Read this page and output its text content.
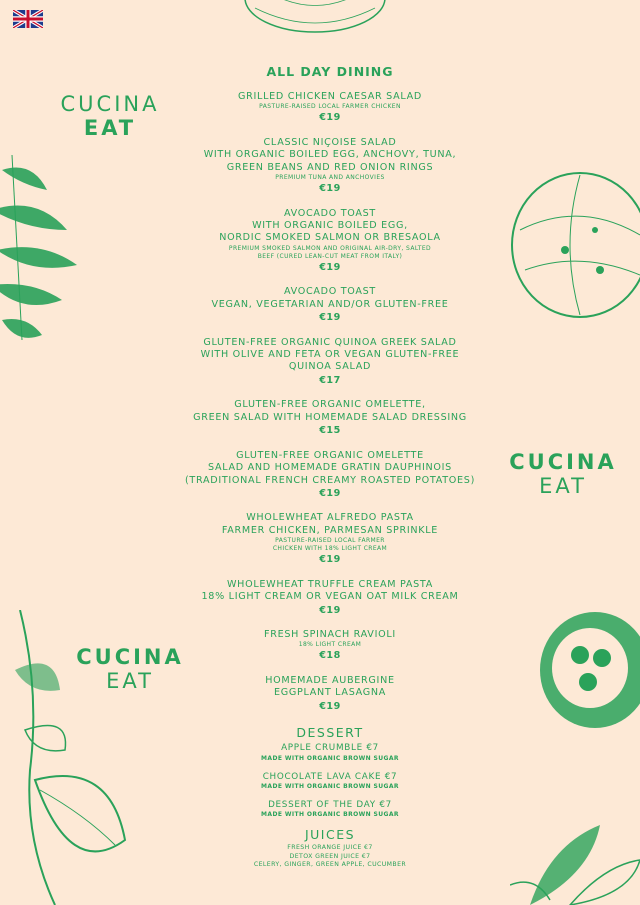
CUCINA
EAT
CUCINA
EAT
CUCINA
EAT
ALL DAY DINING
GRILLED CHICKEN CAESAR SALAD
PASTURE-RAISED LOCAL FARMER CHICKEN
€19
CLASSIC NIÇOISE SALAD
WITH ORGANIC BOILED EGG, ANCHOVY, TUNA,
GREEN BEANS AND RED ONION RINGS
PREMIUM TUNA AND ANCHOVIES
€19
AVOCADO TOAST
WITH ORGANIC BOILED EGG,
NORDIC SMOKED SALMON OR BRESAOLA
PREMIUM SMOKED SALMON AND ORIGINAL AIR-DRY, SALTED
BEEF (CURED LEAN-CUT MEAT FROM ITALY)
€19
AVOCADO TOAST
VEGAN, VEGETARIAN AND/OR GLUTEN-FREE
€19
GLUTEN-FREE ORGANIC QUINOA GREEK SALAD
WITH OLIVE AND FETA OR VEGAN GLUTEN-FREE
QUINOA SALAD
€17
GLUTEN-FREE ORGANIC OMELETTE,
GREEN SALAD WITH HOMEMADE SALAD DRESSING
€15
GLUTEN-FREE ORGANIC OMELETTE
SALAD AND HOMEMADE GRATIN DAUPHINOIS
(TRADITIONAL FRENCH CREAMY ROASTED POTATOES)
€19
WHOLEWHEAT ALFREDO PASTA
FARMER CHICKEN, PARMESAN SPRINKLE
PASTURE-RAISED LOCAL FARMER
CHICKEN WITH 18% LIGHT CREAM
€19
WHOLEWHEAT TRUFFLE CREAM PASTA
18% LIGHT CREAM OR VEGAN OAT MILK CREAM
€19
FRESH SPINACH RAVIOLI
18% LIGHT CREAM
€18
HOMEMADE AUBERGINE
EGGPLANT LASAGNA
€19
DESSERT
APPLE CRUMBLE €7
MADE WITH ORGANIC BROWN SUGAR
CHOCOLATE LAVA CAKE €7
MADE WITH ORGANIC BROWN SUGAR
DESSERT OF THE DAY €7
MADE WITH ORGANIC BROWN SUGAR
JUICES
FRESH ORANGE JUICE €7
DETOX GREEN JUICE €7
CELERY, GINGER, GREEN APPLE, CUCUMBER
